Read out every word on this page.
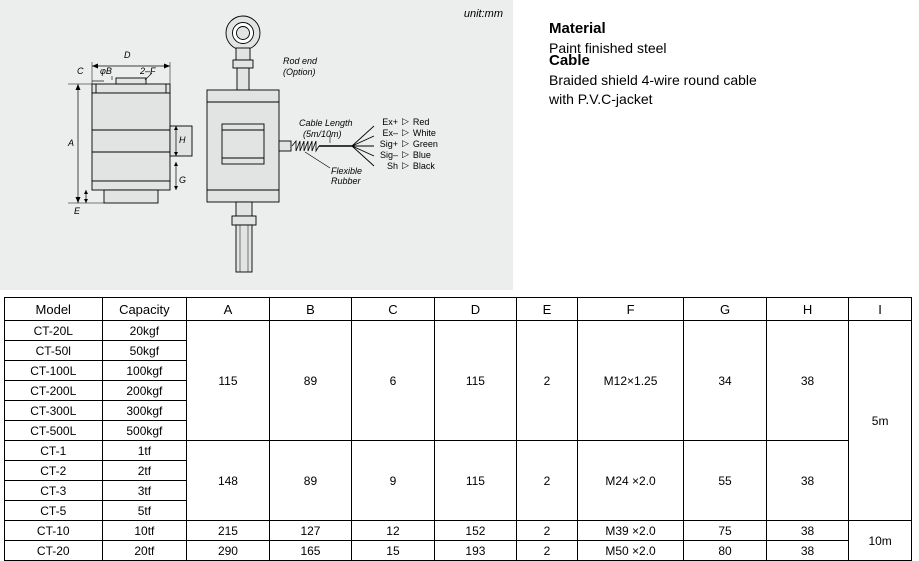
unit:mm
D
C φB	2–F
A	H
G
E
Rod end
(Option)
Cable Length
(5m/10m)
Flexible
Rubber
Ex+ ▷ Red
Ex– ▷ White
Sig+ ▷ Green
Sig– ▷ Blue
Sh ▷ Black

Material

Paint finished steel

Cable

Braided shield 4-wire round cable

with P.V.C-jacket

Model	Capacity	A	B	C	D	E	F	G	H	I
CT-20L	20kgf	115	89	6	115	2	M12×1.25	34	38	5m
CT-50l	50kgf									
CT-100L	100kgf									
CT-200L	200kgf									
CT-300L	300kgf									
CT-500L	500kgf									
CT-1	1tf	148	89	9	115	2	M24 ×2.0	55	38	
CT-2	2tf									
CT-3	3tf									
CT-5	5tf									
CT-10	10tf	215	127	12	152	2	M39 ×2.0	75	38	10m
CT-20	20tf	290	165	15	193	2	M50 ×2.0	80	38	
